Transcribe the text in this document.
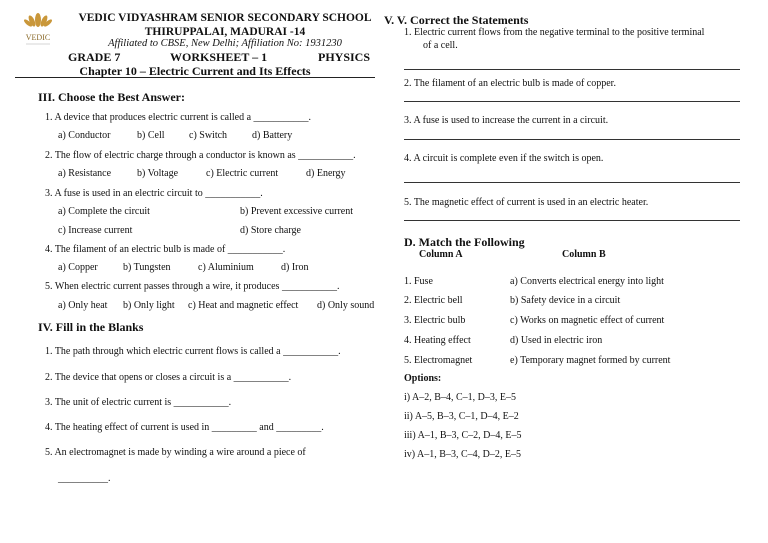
VEDIC
VEDIC VIDYASHRAM SENIOR SECONDARY SCHOOL
THIRUPPALAI, MADURAI -14
Affiliated to CBSE, New Delhi; Affiliation No: 1931230
GRADE 7	WORKSHEET – 1	PHYSICS
Chapter 10 – Electric Current and Its Effects
III. Choose the Best Answer:
1. A device that produces electric current is called a ___________.
a) Conductor	b) Cell c) Switch d) Battery
2. The flow of electric charge through a conductor is known as ___________.
a) Resistance	b) Voltage	c) Electric current	d) Energy
3. A fuse is used in an electric circuit to ___________.
a) Complete the circuit	b) Prevent excessive current
c) Increase current	d) Store charge
4. The filament of an electric bulb is made of ___________.
a) Copper	b) Tungsten	c) Aluminium	d) Iron
5. When electric current passes through a wire, it produces ___________.
a) Only heat b) Only light c) Heat and magnetic effect d) Only sound
IV. Fill in the Blanks
1. The path through which electric current flows is called a ___________.
2. The device that opens or closes a circuit is a ___________.
3. The unit of electric current is ___________.
4. The heating effect of current is used in _________ and _________.
5. An electromagnet is made by winding a wire around a piece of
__________.
V. V. Correct the Statements
1. Electric current flows from the negative terminal to the positive terminal
of a cell.
2. The filament of an electric bulb is made of copper.
3. A fuse is used to increase the current in a circuit.
4. A circuit is complete even if the switch is open.
5. The magnetic effect of current is used in an electric heater.
D. Match the Following
Column A	Column B
1. Fuse	a) Converts electrical energy into light
2. Electric bell	b) Safety device in a circuit
3. Electric bulb	c) Works on magnetic effect of current
4. Heating effect	d) Used in electric iron
5. Electromagnet	e) Temporary magnet formed by current
Options:
i) A–2, B–4, C–1, D–3, E–5
ii) A–5, B–3, C–1, D–4, E–2
iii) A–1, B–3, C–2, D–4, E–5
iv) A–1, B–3, C–4, D–2, E–5
